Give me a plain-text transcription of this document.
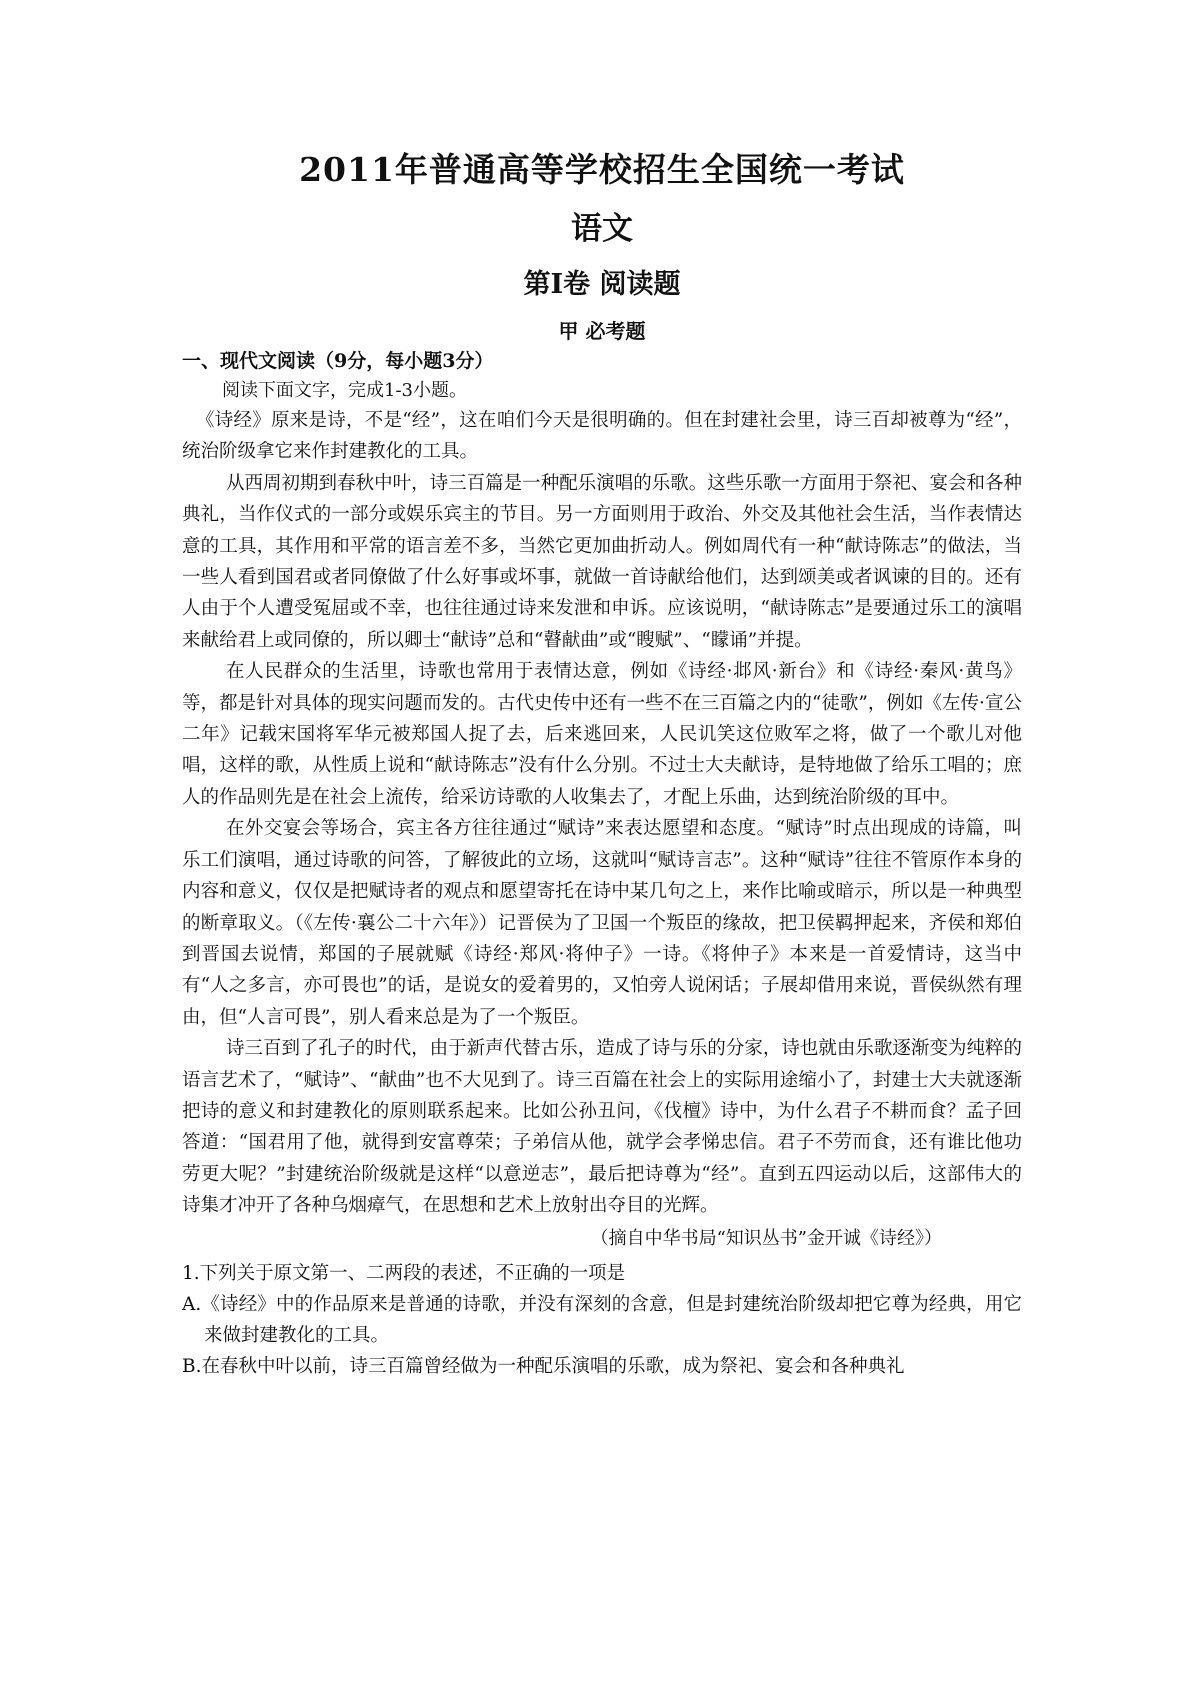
2011年普通高等学校招生全国统一考试
语文
第I卷 阅读题
甲 必考题
一、现代文阅读（9分，每小题3分）
阅读下面文字，完成1-3小题。

《诗经》原来是诗，不是“经”，这在咱们今天是很明确的。但在封建社会里，诗三百却被尊为“经”，统治阶级拿它来作封建教化的工具。

从西周初期到春秋中叶，诗三百篇是一种配乐演唱的乐歌。这些乐歌一方面用于祭祀、宴会和各种典礼，当作仪式的一部分或娱乐宾主的节目。另一方面则用于政治、外交及其他社会生活，当作表情达意的工具，其作用和平常的语言差不多，当然它更加曲折动人。例如周代有一种“献诗陈志”的做法，当一些人看到国君或者同僚做了什么好事或坏事，就做一首诗献给他们，达到颂美或者讽谏的目的。还有人由于个人遭受冤屈或不幸，也往往通过诗来发泄和申诉。应该说明，“献诗陈志”是要通过乐工的演唱来献给君上或同僚的，所以卿士“献诗”总和“瞽献曲”或“瞍赋”、“矇诵”并提。

在人民群众的生活里，诗歌也常用于表情达意，例如《诗经·邶风·新台》和《诗经·秦风·黄鸟》等，都是针对具体的现实问题而发的。古代史传中还有一些不在三百篇之内的“徒歌”，例如《左传·宣公二年》记载宋国将军华元被郑国人捉了去，后来逃回来，人民讥笑这位败军之将，做了一个歌儿对他唱，这样的歌，从性质上说和“献诗陈志”没有什么分别。不过士大夫献诗，是特地做了给乐工唱的；庶人的作品则先是在社会上流传，给采访诗歌的人收集去了，才配上乐曲，达到统治阶级的耳中。

在外交宴会等场合，宾主各方往往通过“赋诗”来表达愿望和态度。“赋诗”时点出现成的诗篇，叫乐工们演唱，通过诗歌的问答，了解彼此的立场，这就叫“赋诗言志”。这种“赋诗”往往不管原作本身的内容和意义，仅仅是把赋诗者的观点和愿望寄托在诗中某几句之上，来作比喻或暗示，所以是一种典型的断章取义。（《左传·襄公二十六年》）记晋侯为了卫国一个叛臣的缘故，把卫侯羁押起来，齐侯和郑伯到晋国去说情，郑国的子展就赋《诗经·郑风·将仲子》一诗。《将仲子》本来是一首爱情诗，这当中有“人之多言，亦可畏也”的话，是说女的爱着男的，又怕旁人说闲话；子展却借用来说，晋侯纵然有理由，但“人言可畏”，别人看来总是为了一个叛臣。

诗三百到了孔子的时代，由于新声代替古乐，造成了诗与乐的分家，诗也就由乐歌逐渐变为纯粹的语言艺术了，“赋诗”、“献曲”也不大见到了。诗三百篇在社会上的实际用途缩小了，封建士大夫就逐渐把诗的意义和封建教化的原则联系起来。比如公孙丑问，《伐檀》诗中，为什么君子不耕而食？孟子回答道：“国君用了他，就得到安富尊荣；子弟信从他，就学会孝悌忠信。君子不劳而食，还有谁比他功劳更大呢？”封建统治阶级就是这样“以意逆志”，最后把诗尊为“经”。直到五四运动以后，这部伟大的诗集才冲开了各种乌烟瘴气，在思想和艺术上放射出夺目的光辉。

（摘自中华书局“知识丛书”金开诚《诗经》）

1.下列关于原文第一、二两段的表述，不正确的一项是

A.《诗经》中的作品原来是普通的诗歌，并没有深刻的含意，但是封建统治阶级却把它尊为经典，用它来做封建教化的工具。

B.在春秋中叶以前，诗三百篇曾经做为一种配乐演唱的乐歌，成为祭祀、宴会和各种典礼
